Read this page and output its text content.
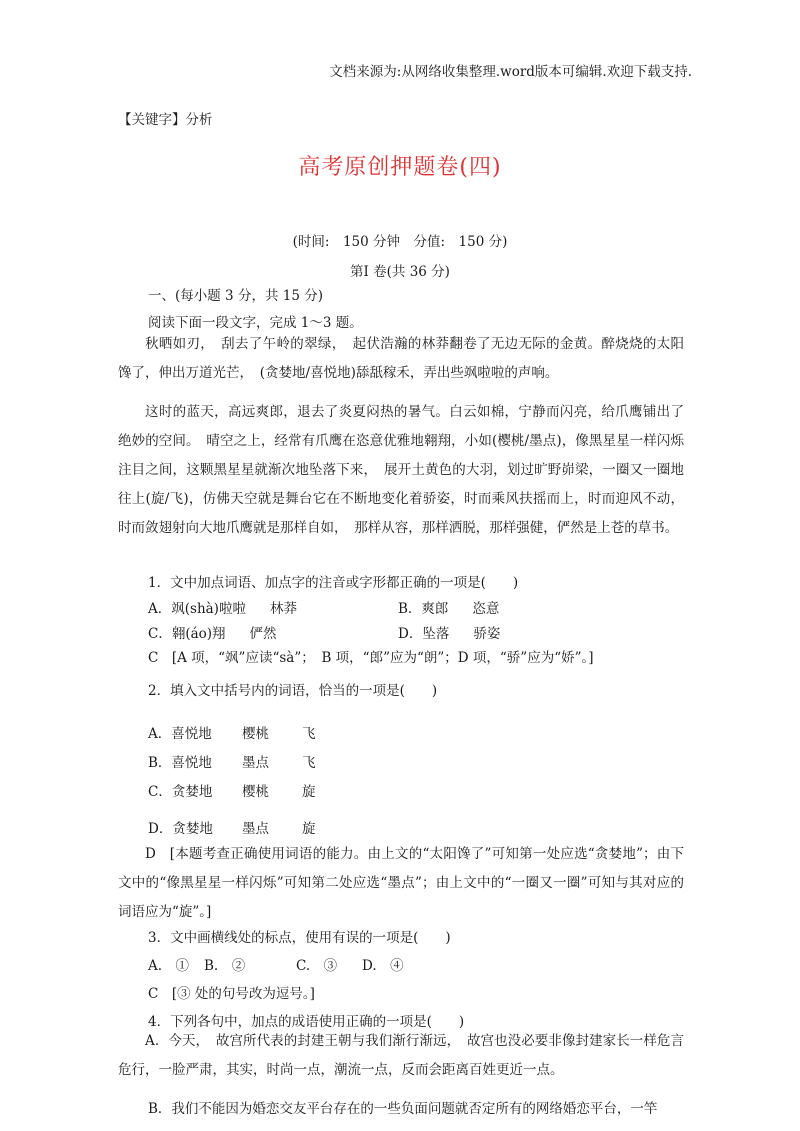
文档来源为:从网络收集整理.word版本可编辑.欢迎下载支持.
【关键字】分析
高考原创押题卷(四)
(时间:　150 分钟　分值:　150 分)
第Ⅰ 卷(共 36 分)
一、(每小题 3 分，共 15 分)
阅读下面一段文字，完成 1～3 题。

秋晒如刃，　刮去了午岭的翠绿，　起伏浩瀚的林莽翻卷了无边无际的金黄。醉烧烧的太阳馋了，伸出万道光芒，　(贪婪地/喜悦地)舔舐稼禾，弄出些飒啦啦的声响。

这时的蓝天，高远爽郎，退去了炎夏闷热的暑气。白云如棉，宁静而闪亮，给爪鹰铺出了绝妙的空间。　晴空之上，经常有爪鹰在恣意优雅地翱翔，小如(樱桃/墨点)，像黑星星一样闪烁注目之间，这颗黑星星就渐次地坠落下来，　展开土黄色的大羽，划过旷野峁梁，一圈又一圈地往上(旋/飞)，仿佛天空就是舞台它在不断地变化着骄姿，时而乘风扶摇而上，时而迎风不动，时而敛翅射向大地爪鹰就是那样自如，　那样从容，那样洒脱，那样强健，俨然是上苍的草书。

1．文中加点词语、加点字的注音或字形都正确的一项是(　　)
A．飒(shà)啦啦 林莽	B．爽郎 恣意
C．翱(áo)翔 俨然	D．坠落 骄姿
C　[A 项，“飒”应读“sà”；　B 项，“郎”应为“朗”；D 项，“骄”应为“娇”。]
2．填入文中括号内的词语，恰当的一项是(　　)
A．喜悦地 樱桃 飞
B．喜悦地 墨点 飞
C．贪婪地 樱桃 旋
D．贪婪地 墨点 旋

D　[本题考查正确使用词语的能力。由上文的“太阳馋了”可知第一处应选“贪婪地”；由下文中的“像黑星星一样闪烁”可知第二处应选“墨点”；由上文中的“一圈又一圈”可知与其对应的词语应为“旋”。]

3．文中画横线处的标点，使用有误的一项是(　　)
A.　① B.　②	C.　③ D.　④
C　[③ 处的句号改为逗号。]
4．下列各句中，加点的成语使用正确的一项是(　　)

A．今天，　故宫所代表的封建王朝与我们渐行渐远，　故宫也没必要非像封建家长一样危言危行，一脸严肃，其实，时尚一点，潮流一点，反而会距离百姓更近一点。

B．我们不能因为婚恋交友平台存在的一些负面问题就否定所有的网络婚恋平台，一竿
